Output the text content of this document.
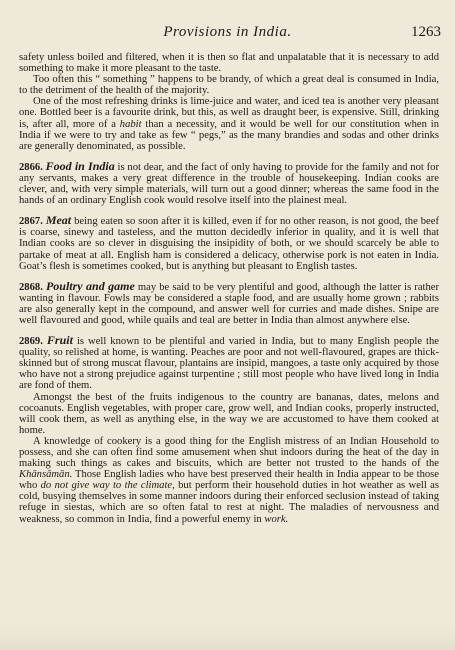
Provisions in India.	1263

safety unless boiled and filtered, when it is then so flat and unpalatable that it is necessary to add something to make it more pleasant to the taste.

Too often this “ something ” happens to be brandy, of which a great deal is consumed in India, to the detriment of the health of the majority.

One of the most refreshing drinks is lime-juice and water, and iced tea is another very pleasant one. Bottled beer is a favourite drink, but this, as well as draught beer, is expensive. Still, drinking is, after all, more of a habit than a necessity, and it would be well for our constitution when in India if we were to try and take as few “ pegs,” as the many brandies and sodas and other drinks are generally denominated, as possible.

2866. Food in India is not dear, and the fact of only having to provide for the family and not for any servants, makes a very great difference in the trouble of housekeeping. Indian cooks are clever, and, with very simple materials, will turn out a good dinner; whereas the same food in the hands of an ordinary English cook would resolve itself into the plainest meal.

2867. Meat being eaten so soon after it is killed, even if for no other reason, is not good, the beef is coarse, sinewy and tasteless, and the mutton decidedly inferior in quality, and it is well that Indian cooks are so clever in disguising the insipidity of both, or we should scarcely be able to partake of meat at all. English ham is considered a delicacy, otherwise pork is not eaten in India. Goat’s flesh is sometimes cooked, but is anything but pleasant to English tastes.

2868. Poultry and game may be said to be very plentiful and good, although the latter is rather wanting in flavour. Fowls may be considered a staple food, and are usually home grown ; rabbits are also generally kept in the compound, and answer well for curries and made dishes. Snipe are well flavoured and good, while quails and teal are better in India than almost anywhere else.

2869. Fruit is well known to be plentiful and varied in India, but to many English people the quality, so relished at home, is wanting. Peaches are poor and not well-flavoured, grapes are thick-skinned but of strong muscat flavour, plantains are insipid, mangoes, a taste only acquired by those who have not a strong prejudice against turpentine ; still most people who have lived long in India are fond of them.

Amongst the best of the fruits indigenous to the country are bananas, dates, melons and cocoanuts. English vegetables, with proper care, grow well, and Indian cooks, properly instructed, will cook them, as well as anything else, in the way we are accustomed to have them cooked at home.

A knowledge of cookery is a good thing for the English mistress of an Indian Household to possess, and she can often find some amusement when shut indoors during the heat of the day in making such things as cakes and biscuits, which are better not trusted to the hands of the Khānsāmān. Those English ladies who have best preserved their health in India appear to be those who do not give way to the climate, but perform their household duties in hot weather as well as cold, busying themselves in some manner indoors during their enforced seclusion instead of taking refuge in siestas, which are so often fatal to rest at night. The maladies of nervousness and weakness, so common in India, find a powerful enemy in work.
